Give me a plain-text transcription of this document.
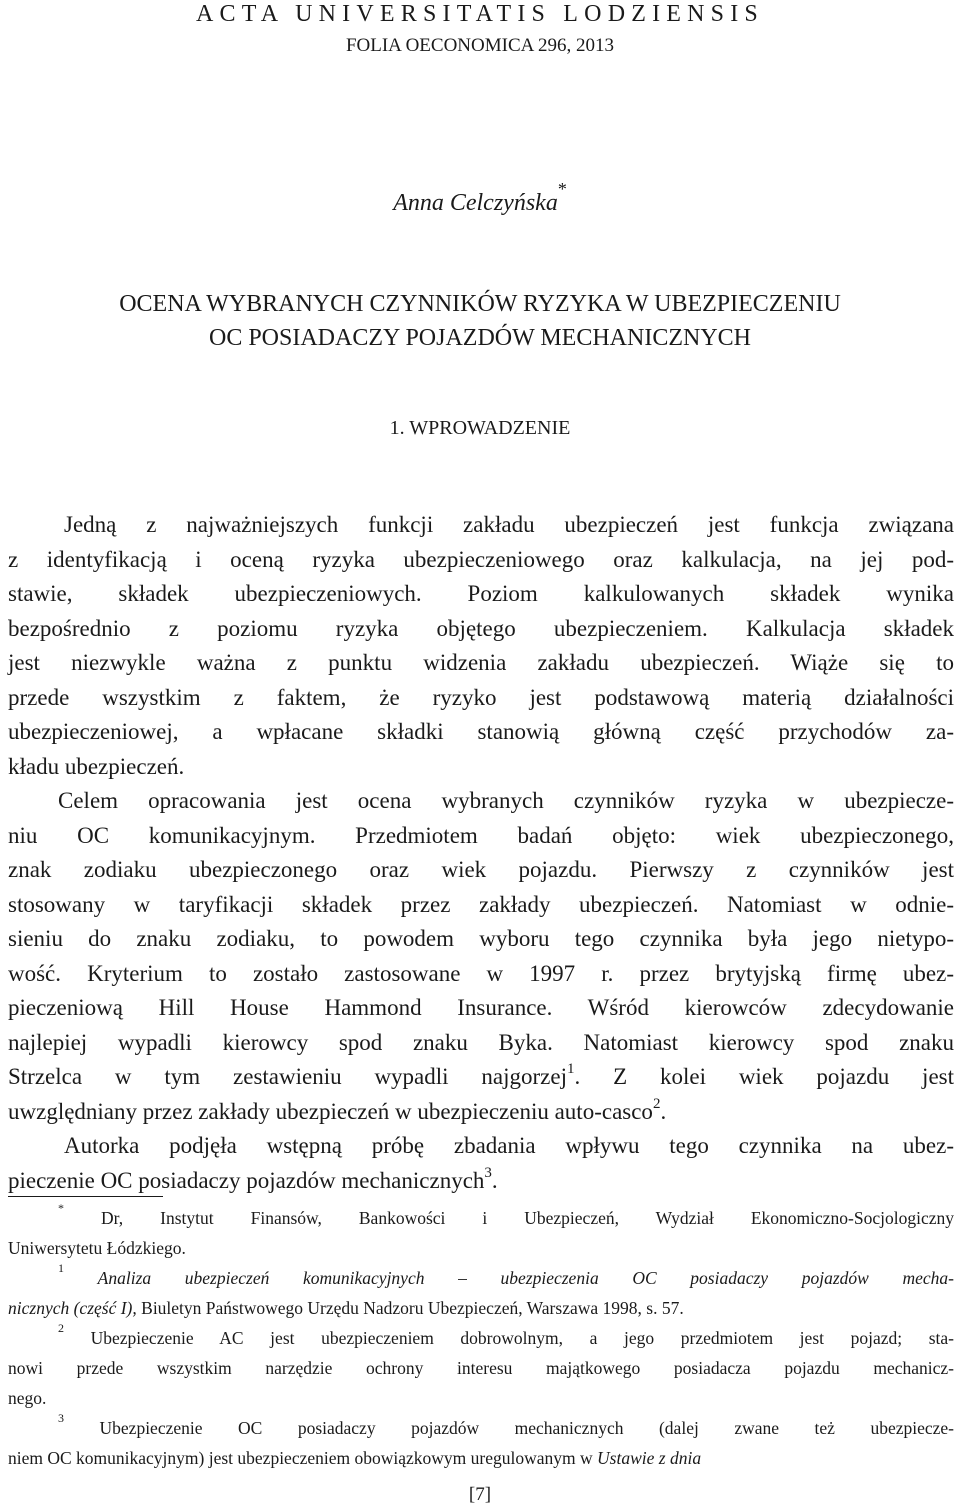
ACTA UNIVERSITATIS LODZIENSIS
FOLIA OECONOMICA 296, 2013
Anna Celczyńska*
OCENA WYBRANYCH CZYNNIKÓW RYZYKA W UBEZPIECZENIU
OC POSIADACZY POJAZDÓW MECHANICZNYCH
1. WPROWADZENIE
Jedną z najważniejszych funkcji zakładu ubezpieczeń jest funkcja związana
z identyfikacją i oceną ryzyka ubezpieczeniowego oraz kalkulacja, na jej pod-
stawie, składek ubezpieczeniowych. Poziom kalkulowanych składek wynika
bezpośrednio z poziomu ryzyka objętego ubezpieczeniem. Kalkulacja składek
jest niezwykle ważna z punktu widzenia zakładu ubezpieczeń. Wiąże się to
przede wszystkim z faktem, że ryzyko jest podstawową materią działalności
ubezpieczeniowej, a wpłacane składki stanowią główną część przychodów za-
kładu ubezpieczeń.
Celem opracowania jest ocena wybranych czynników ryzyka w ubezpiecze-
niu OC komunikacyjnym. Przedmiotem badań objęto: wiek ubezpieczonego,
znak zodiaku ubezpieczonego oraz wiek pojazdu. Pierwszy z czynników jest
stosowany w taryfikacji składek przez zakłady ubezpieczeń. Natomiast w odnie-
sieniu do znaku zodiaku, to powodem wyboru tego czynnika była jego nietypo-
wość. Kryterium to zostało zastosowane w 1997 r. przez brytyjską firmę ubez-
pieczeniową Hill House Hammond Insurance. Wśród kierowców zdecydowanie
najlepiej wypadli kierowcy spod znaku Byka. Natomiast kierowcy spod znaku
Strzelca w tym zestawieniu wypadli najgorzej$^1$. Z kolei wiek pojazdu jest
uwzględniany przez zakłady ubezpieczeń w ubezpieczeniu auto-casco$^2$.
Autorka podjęła wstępną próbę zbadania wpływu tego czynnika na ubez-
pieczenie OC posiadaczy pojazdów mechanicznych$^3$.
* Dr, Instytut Finansów, Bankowości i Ubezpieczeń, Wydział Ekonomiczno-Socjologiczny
Uniwersytetu Łódzkiego.
$^1$ Analiza ubezpieczeń komunikacyjnych – ubezpieczenia OC posiadaczy pojazdów mecha-
nicznych (część I), Biuletyn Państwowego Urzędu Nadzoru Ubezpieczeń, Warszawa 1998, s. 57.
$^2$ Ubezpieczenie AC jest ubezpieczeniem dobrowolnym, a jego przedmiotem jest pojazd; sta-
nowi przede wszystkim narzędzie ochrony interesu majątkowego posiadacza pojazdu mechanicz-
nego.
$^3$ Ubezpieczenie OC posiadaczy pojazdów mechanicznych (dalej zwane też ubezpiecze-
niem OC komunikacyjnym) jest ubezpieczeniem obowiązkowym uregulowanym w Ustawie z dnia
[7]
